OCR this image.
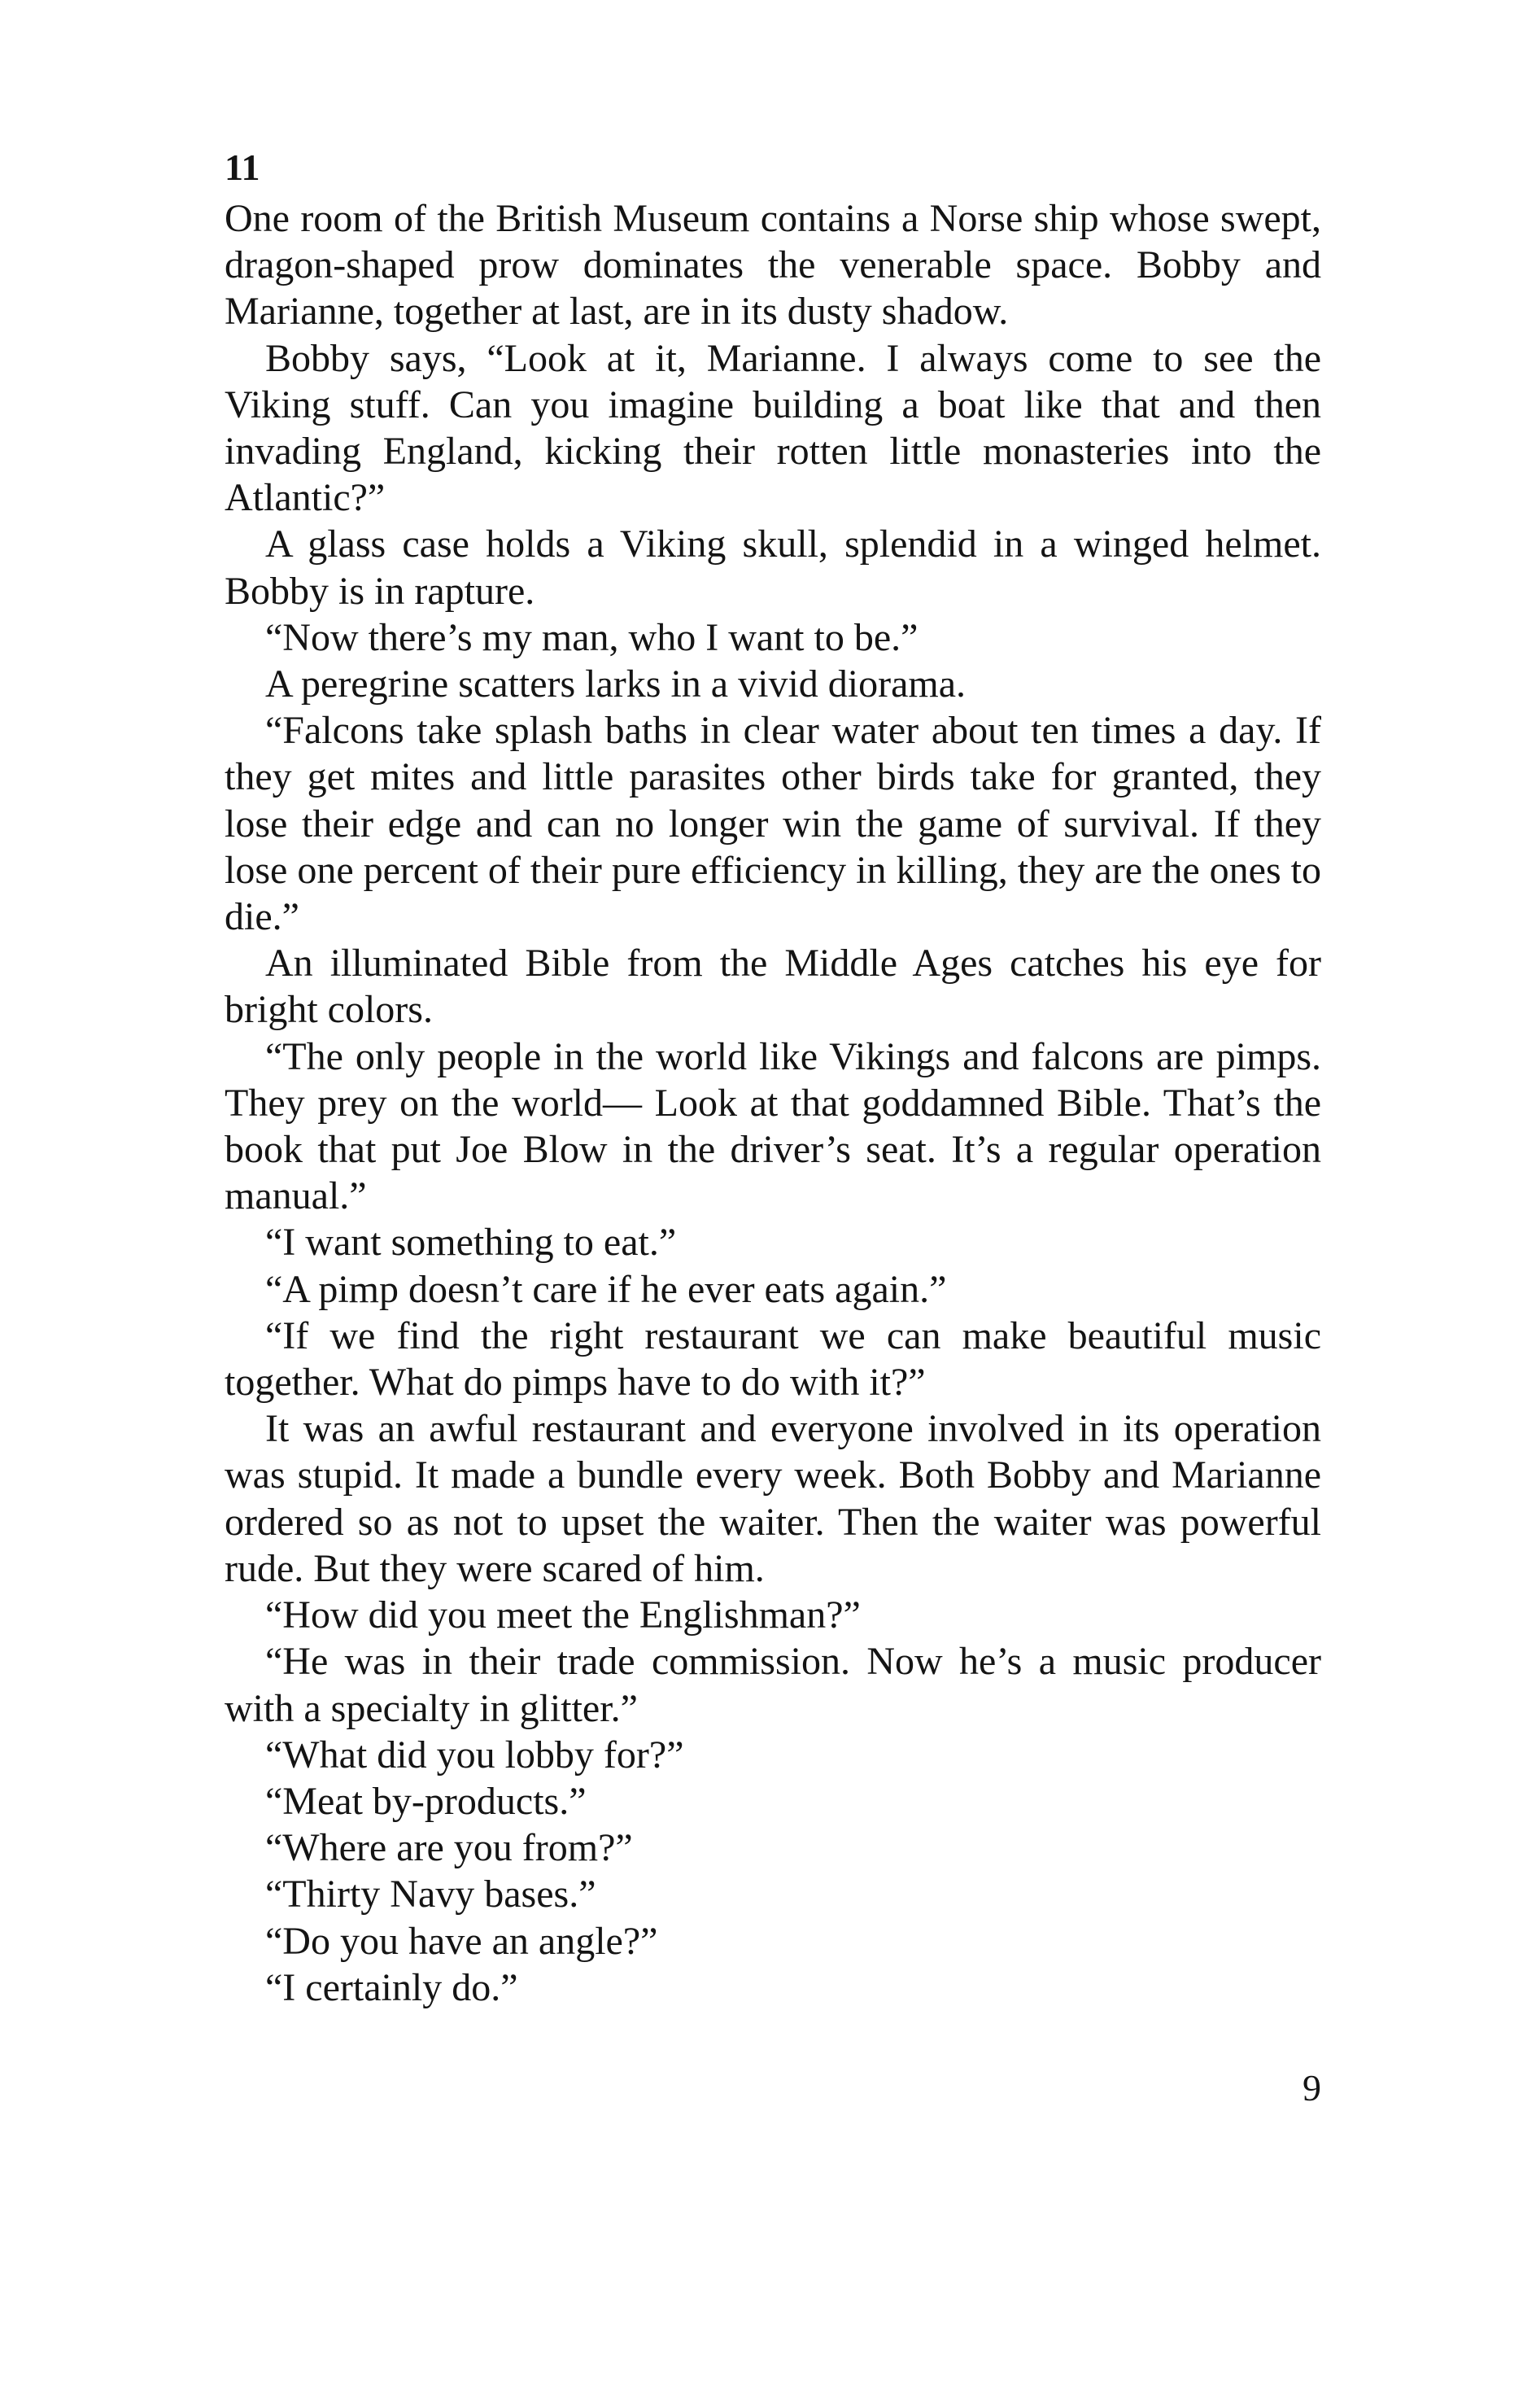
11

One room of the British Museum contains a Norse ship whose swept, dragon-shaped prow dominates the venerable space. Bobby and Marianne, together at last, are in its dusty shadow.

Bobby says, “Look at it, Marianne. I always come to see the Viking stuff. Can you imagine building a boat like that and then invading England, kicking their rotten little monasteries into the Atlantic?”

A glass case holds a Viking skull, splendid in a winged helmet. Bobby is in rapture.

“Now there’s my man, who I want to be.”

A peregrine scatters larks in a vivid diorama.

“Falcons take splash baths in clear water about ten times a day. If they get mites and little parasites other birds take for granted, they lose their edge and can no longer win the game of survival. If they lose one percent of their pure efficiency in killing, they are the ones to die.”

An illuminated Bible from the Middle Ages catches his eye for bright colors.

“The only people in the world like Vikings and falcons are pimps. They prey on the world— Look at that goddamned Bible. That’s the book that put Joe Blow in the driver’s seat. It’s a regular operation manual.”

“I want something to eat.”

“A pimp doesn’t care if he ever eats again.”

“If we find the right restaurant we can make beautiful music together. What do pimps have to do with it?”

It was an awful restaurant and everyone involved in its operation was stupid. It made a bundle every week. Both Bobby and Marianne ordered so as not to upset the waiter. Then the waiter was powerful rude. But they were scared of him.

“How did you meet the Englishman?”

“He was in their trade commission. Now he’s a music producer with a specialty in glitter.”

“What did you lobby for?”

“Meat by-products.”

“Where are you from?”

“Thirty Navy bases.”

“Do you have an angle?”

“I certainly do.”

9
